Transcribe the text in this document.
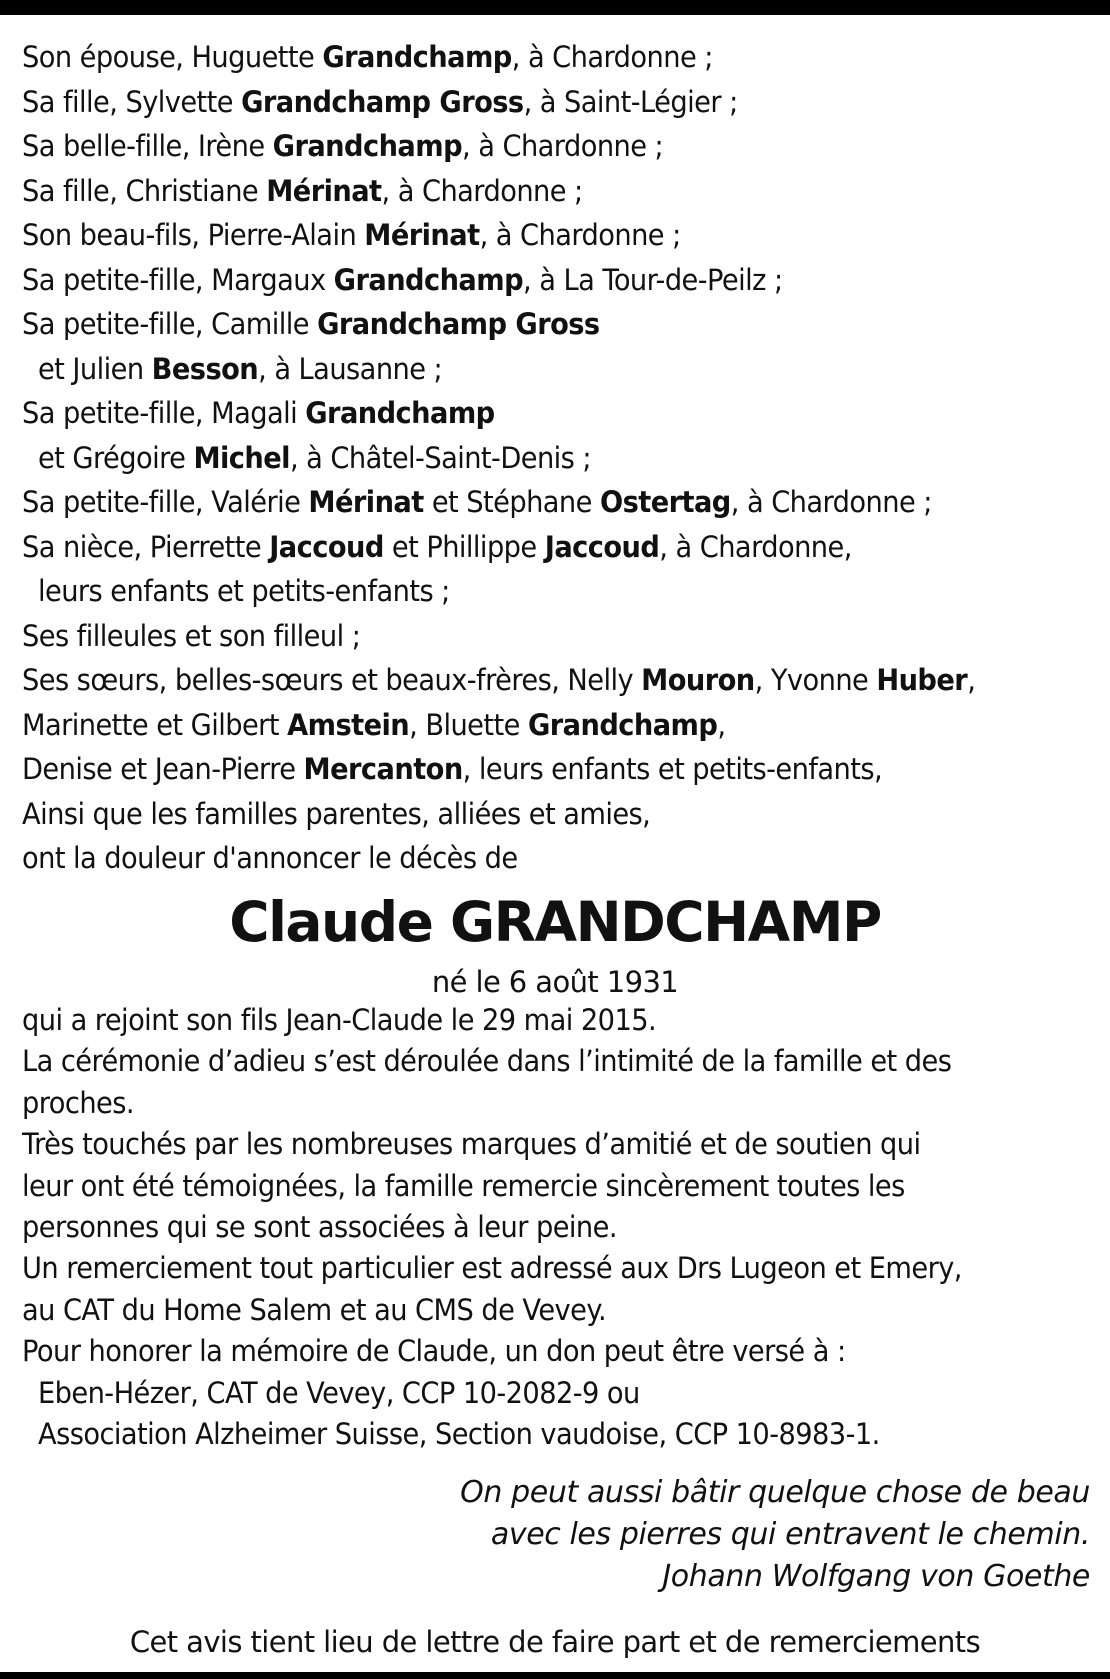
Son épouse, Huguette Grandchamp, à Chardonne ;
Sa fille, Sylvette Grandchamp Gross, à Saint-Légier ;
Sa belle-fille, Irène Grandchamp, à Chardonne ;
Sa fille, Christiane Mérinat, à Chardonne ;
Son beau-fils, Pierre-Alain Mérinat, à Chardonne ;
Sa petite-fille, Margaux Grandchamp, à La Tour-de-Peilz ;
Sa petite-fille, Camille Grandchamp Gross
et Julien Besson, à Lausanne ;
Sa petite-fille, Magali Grandchamp
et Grégoire Michel, à Châtel-Saint-Denis ;
Sa petite-fille, Valérie Mérinat et Stéphane Ostertag, à Chardonne ;
Sa nièce, Pierrette Jaccoud et Phillippe Jaccoud, à Chardonne,
leurs enfants et petits-enfants ;
Ses filleules et son filleul ;
Ses sœurs, belles-sœurs et beaux-frères, Nelly Mouron, Yvonne Huber,
Marinette et Gilbert Amstein, Bluette Grandchamp,
Denise et Jean-Pierre Mercanton, leurs enfants et petits-enfants,
Ainsi que les familles parentes, alliées et amies,
ont la douleur d'annoncer le décès de
Claude GRANDCHAMP
né le 6 août 1931
qui a rejoint son fils Jean-Claude le 29 mai 2015.
La cérémonie d’adieu s’est déroulée dans l’intimité de la famille et des
proches.
Très touchés par les nombreuses marques d’amitié et de soutien qui
leur ont été témoignées, la famille remercie sincèrement toutes les
personnes qui se sont associées à leur peine.
Un remerciement tout particulier est adressé aux Drs Lugeon et Emery,
au CAT du Home Salem et au CMS de Vevey.
Pour honorer la mémoire de Claude, un don peut être versé à :
Eben-Hézer, CAT de Vevey, CCP 10-2082-9 ou
Association Alzheimer Suisse, Section vaudoise, CCP 10-8983-1.
On peut aussi bâtir quelque chose de beau
avec les pierres qui entravent le chemin.
Johann Wolfgang von Goethe
Cet avis tient lieu de lettre de faire part et de remerciements
